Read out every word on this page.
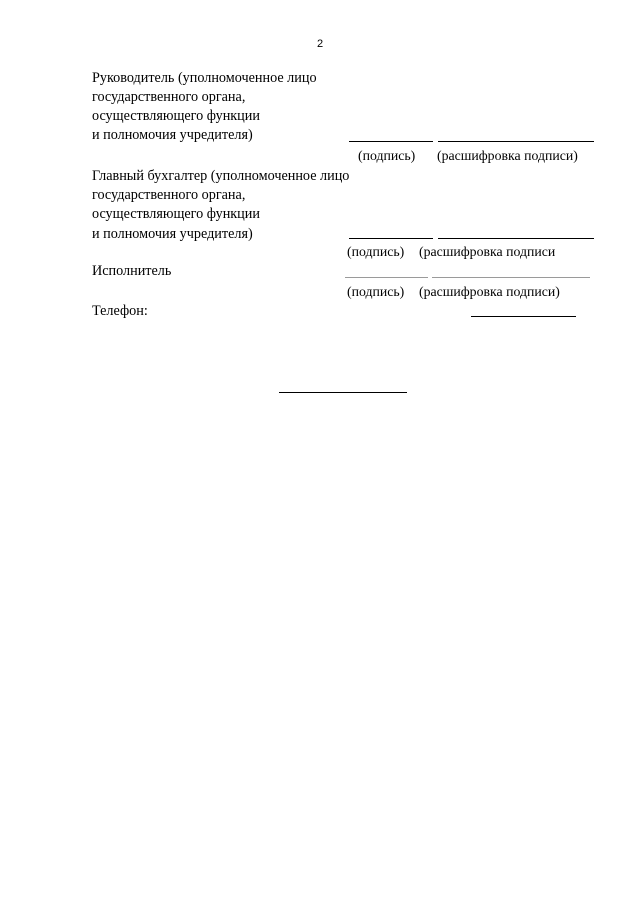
2
Руководитель (уполномоченное лицо
государственного органа,
осуществляющего функции
и полномочия учредителя)
(подпись) (расшифровка подписи)
Главный бухгалтер (уполномоченное лицо
государственного органа,
осуществляющего функции
и полномочия учредителя)
(подпись) (расшифровка подписи
Исполнитель
(подпись) (расшифровка подписи)
Телефон:
